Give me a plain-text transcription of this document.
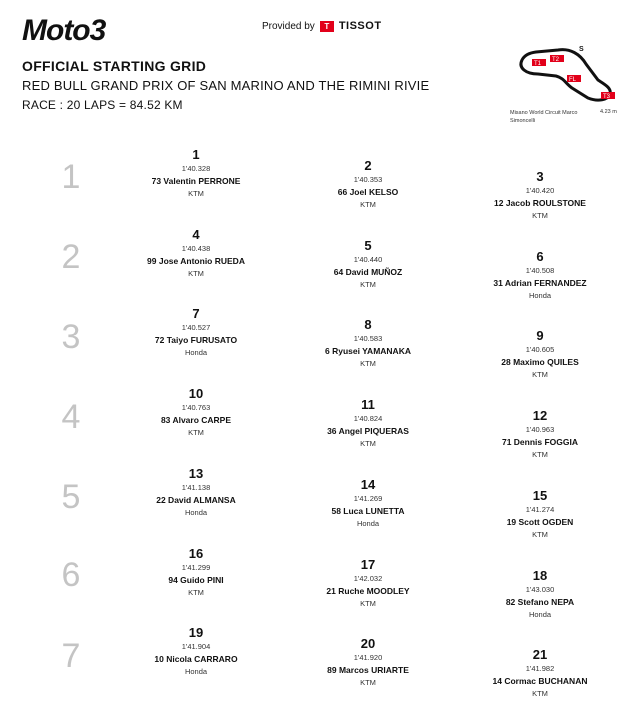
Moto3	Provided by	T TISSOT
OFFICIAL STARTING GRID
RED BULL GRAND PRIX OF SAN MARINO AND THE RIMINI RIVIE
RACE : 20 LAPS = 84.52 KM
T1
T2
S
FL
T3
Misano World Circuit Marco Simoncelli
4.23 m
1
2
3
4
5
6
7
1
1'40.328
73 Valentin PERRONE
KTM
2
1'40.353
66 Joel KELSO
KTM
3
1'40.420
12 Jacob ROULSTONE
KTM
4
1'40.438
99 Jose Antonio RUEDA
KTM
5
1'40.440
64 David MUÑOZ
KTM
6
1'40.508
31 Adrian FERNANDEZ
Honda
7
1'40.527
72 Taiyo FURUSATO
Honda
8
1'40.583
6 Ryusei YAMANAKA
KTM
9
1'40.605
28 Maximo QUILES
KTM
10
1'40.763
83 Alvaro CARPE
KTM
11
1'40.824
36 Angel PIQUERAS
KTM
12
1'40.963
71 Dennis FOGGIA
KTM
13
1'41.138
22 David ALMANSA
Honda
14
1'41.269
58 Luca LUNETTA
Honda
15
1'41.274
19 Scott OGDEN
KTM
16
1'41.299
94 Guido PINI
KTM
17
1'42.032
21 Ruche MOODLEY
KTM
18
1'43.030
82 Stefano NEPA
Honda
19
1'41.904
10 Nicola CARRARO
Honda
20
1'41.920
89 Marcos URIARTE
KTM
21
1'41.982
14 Cormac BUCHANAN
KTM
